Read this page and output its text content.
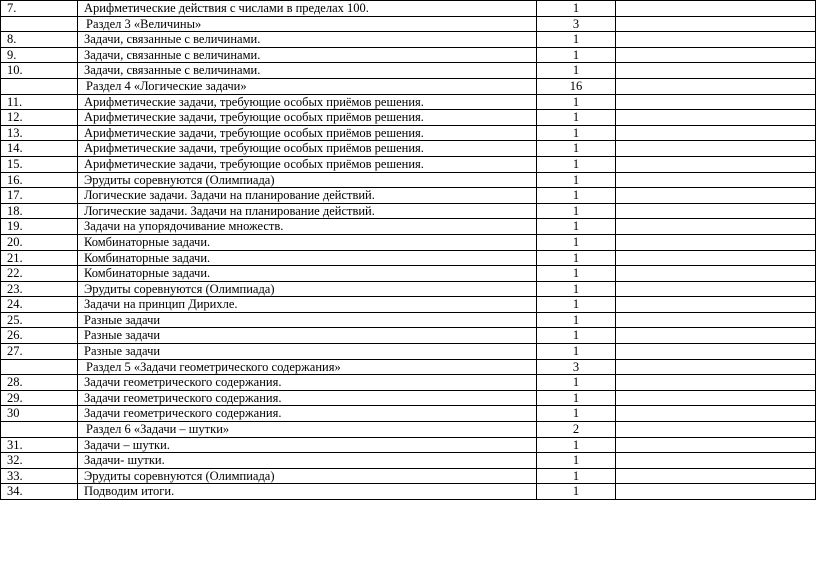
7.	Арифметические действия с числами в пределах 100.	1	
	Раздел 3 «Величины»	3	
8.	Задачи, связанные с величинами.	1	
9.	Задачи, связанные с величинами.	1	
10.	Задачи, связанные с величинами.	1	
	Раздел 4 «Логические задачи»	16	
11.	Арифметические задачи, требующие особых приёмов решения.	1	
12.	Арифметические задачи, требующие особых приёмов решения.	1	
13.	Арифметические задачи, требующие особых приёмов решения.	1	
14.	Арифметические задачи, требующие особых приёмов решения.	1	
15.	Арифметические задачи, требующие особых приёмов решения.	1	
16.	Эрудиты соревнуются (Олимпиада)	1	
17.	Логические задачи. Задачи на планирование действий.	1	
18.	Логические задачи. Задачи на планирование действий.	1	
19.	Задачи на упорядочивание множеств.	1	
20.	Комбинаторные задачи.	1	
21.	Комбинаторные задачи.	1	
22.	Комбинаторные задачи.	1	
23.	Эрудиты соревнуются (Олимпиада)	1	
24.	Задачи на принцип Дирихле.	1	
25.	Разные задачи	1	
26.	Разные задачи	1	
27.	Разные задачи	1	
	Раздел 5 «Задачи геометрического содержания»	3	
28.	Задачи геометрического содержания.	1	
29.	Задачи геометрического содержания.	1	
30	Задачи геометрического содержания.	1	
	Раздел 6 «Задачи – шутки»	2	
31.	Задачи – шутки.	1	
32.	Задачи- шутки.	1	
33.	Эрудиты соревнуются (Олимпиада)	1	
34.	Подводим итоги.	1	
